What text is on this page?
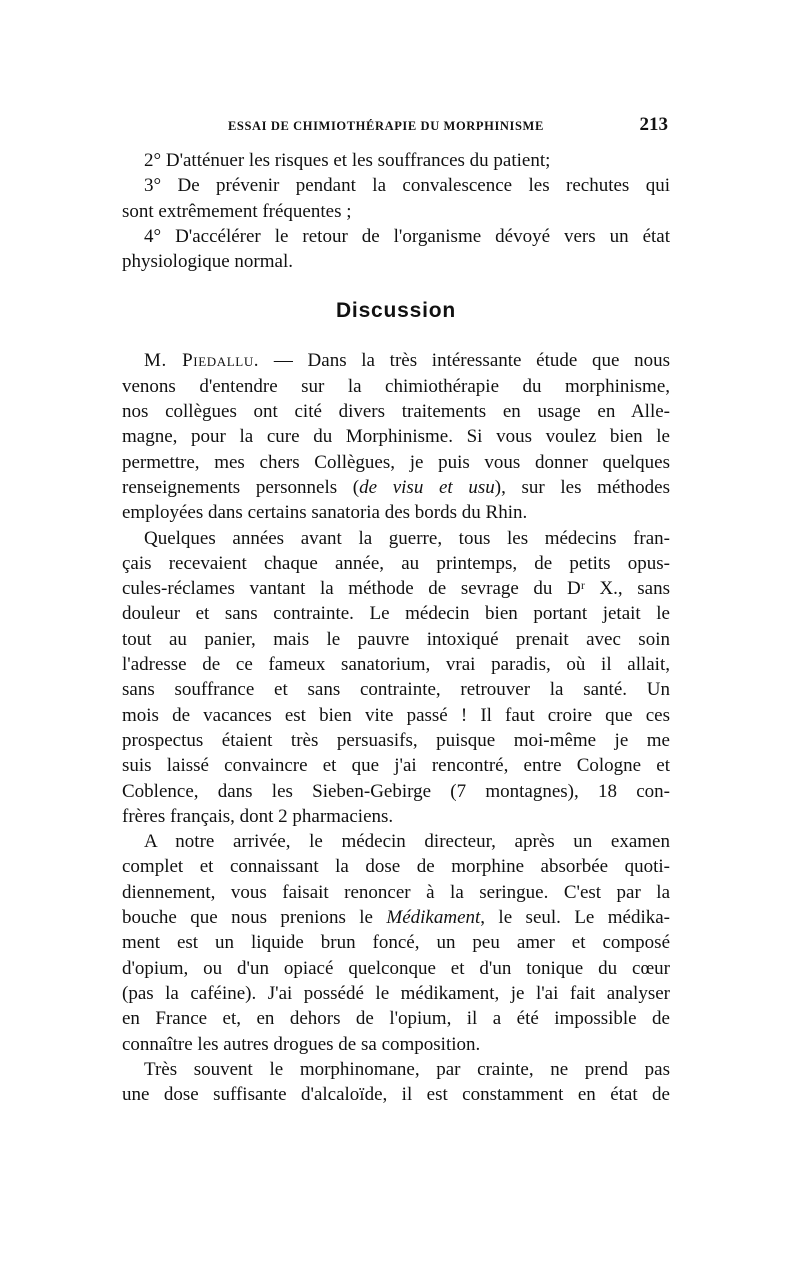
ESSAI DE CHIMIOTHÉRAPIE DU MORPHINISME	213
2° D'atténuer les risques et les souffrances du patient;
3° De prévenir pendant la convalescence les rechutes qui
sont extrêmement fréquentes ;
4° D'accélérer le retour de l'organisme dévoyé vers un état
physiologique normal.
Discussion
M. Piedallu. — Dans la très intéressante étude que nous
venons d'entendre sur la chimiothérapie du morphinisme,
nos collègues ont cité divers traitements en usage en Alle-
magne, pour la cure du Morphinisme. Si vous voulez bien le
permettre, mes chers Collègues, je puis vous donner quelques
renseignements personnels (de visu et usu), sur les méthodes
employées dans certains sanatoria des bords du Rhin.
Quelques années avant la guerre, tous les médecins fran-
çais recevaient chaque année, au printemps, de petits opus-
cules-réclames vantant la méthode de sevrage du Dʳ X., sans
douleur et sans contrainte. Le médecin bien portant jetait le
tout au panier, mais le pauvre intoxiqué prenait avec soin
l'adresse de ce fameux sanatorium, vrai paradis, où il allait,
sans souffrance et sans contrainte, retrouver la santé. Un
mois de vacances est bien vite passé ! Il faut croire que ces
prospectus étaient très persuasifs, puisque moi-même je me
suis laissé convaincre et que j'ai rencontré, entre Cologne et
Coblence, dans les Sieben-Gebirge (7 montagnes), 18 con-
frères français, dont 2 pharmaciens.
A notre arrivée, le médecin directeur, après un examen
complet et connaissant la dose de morphine absorbée quoti-
diennement, vous faisait renoncer à la seringue. C'est par la
bouche que nous prenions le Médikament, le seul. Le médika-
ment est un liquide brun foncé, un peu amer et composé
d'opium, ou d'un opiacé quelconque et d'un tonique du cœur
(pas la caféine). J'ai possédé le médikament, je l'ai fait analyser
en France et, en dehors de l'opium, il a été impossible de
connaître les autres drogues de sa composition.
Très souvent le morphinomane, par crainte, ne prend pas
une dose suffisante d'alcaloïde, il est constamment en état de
